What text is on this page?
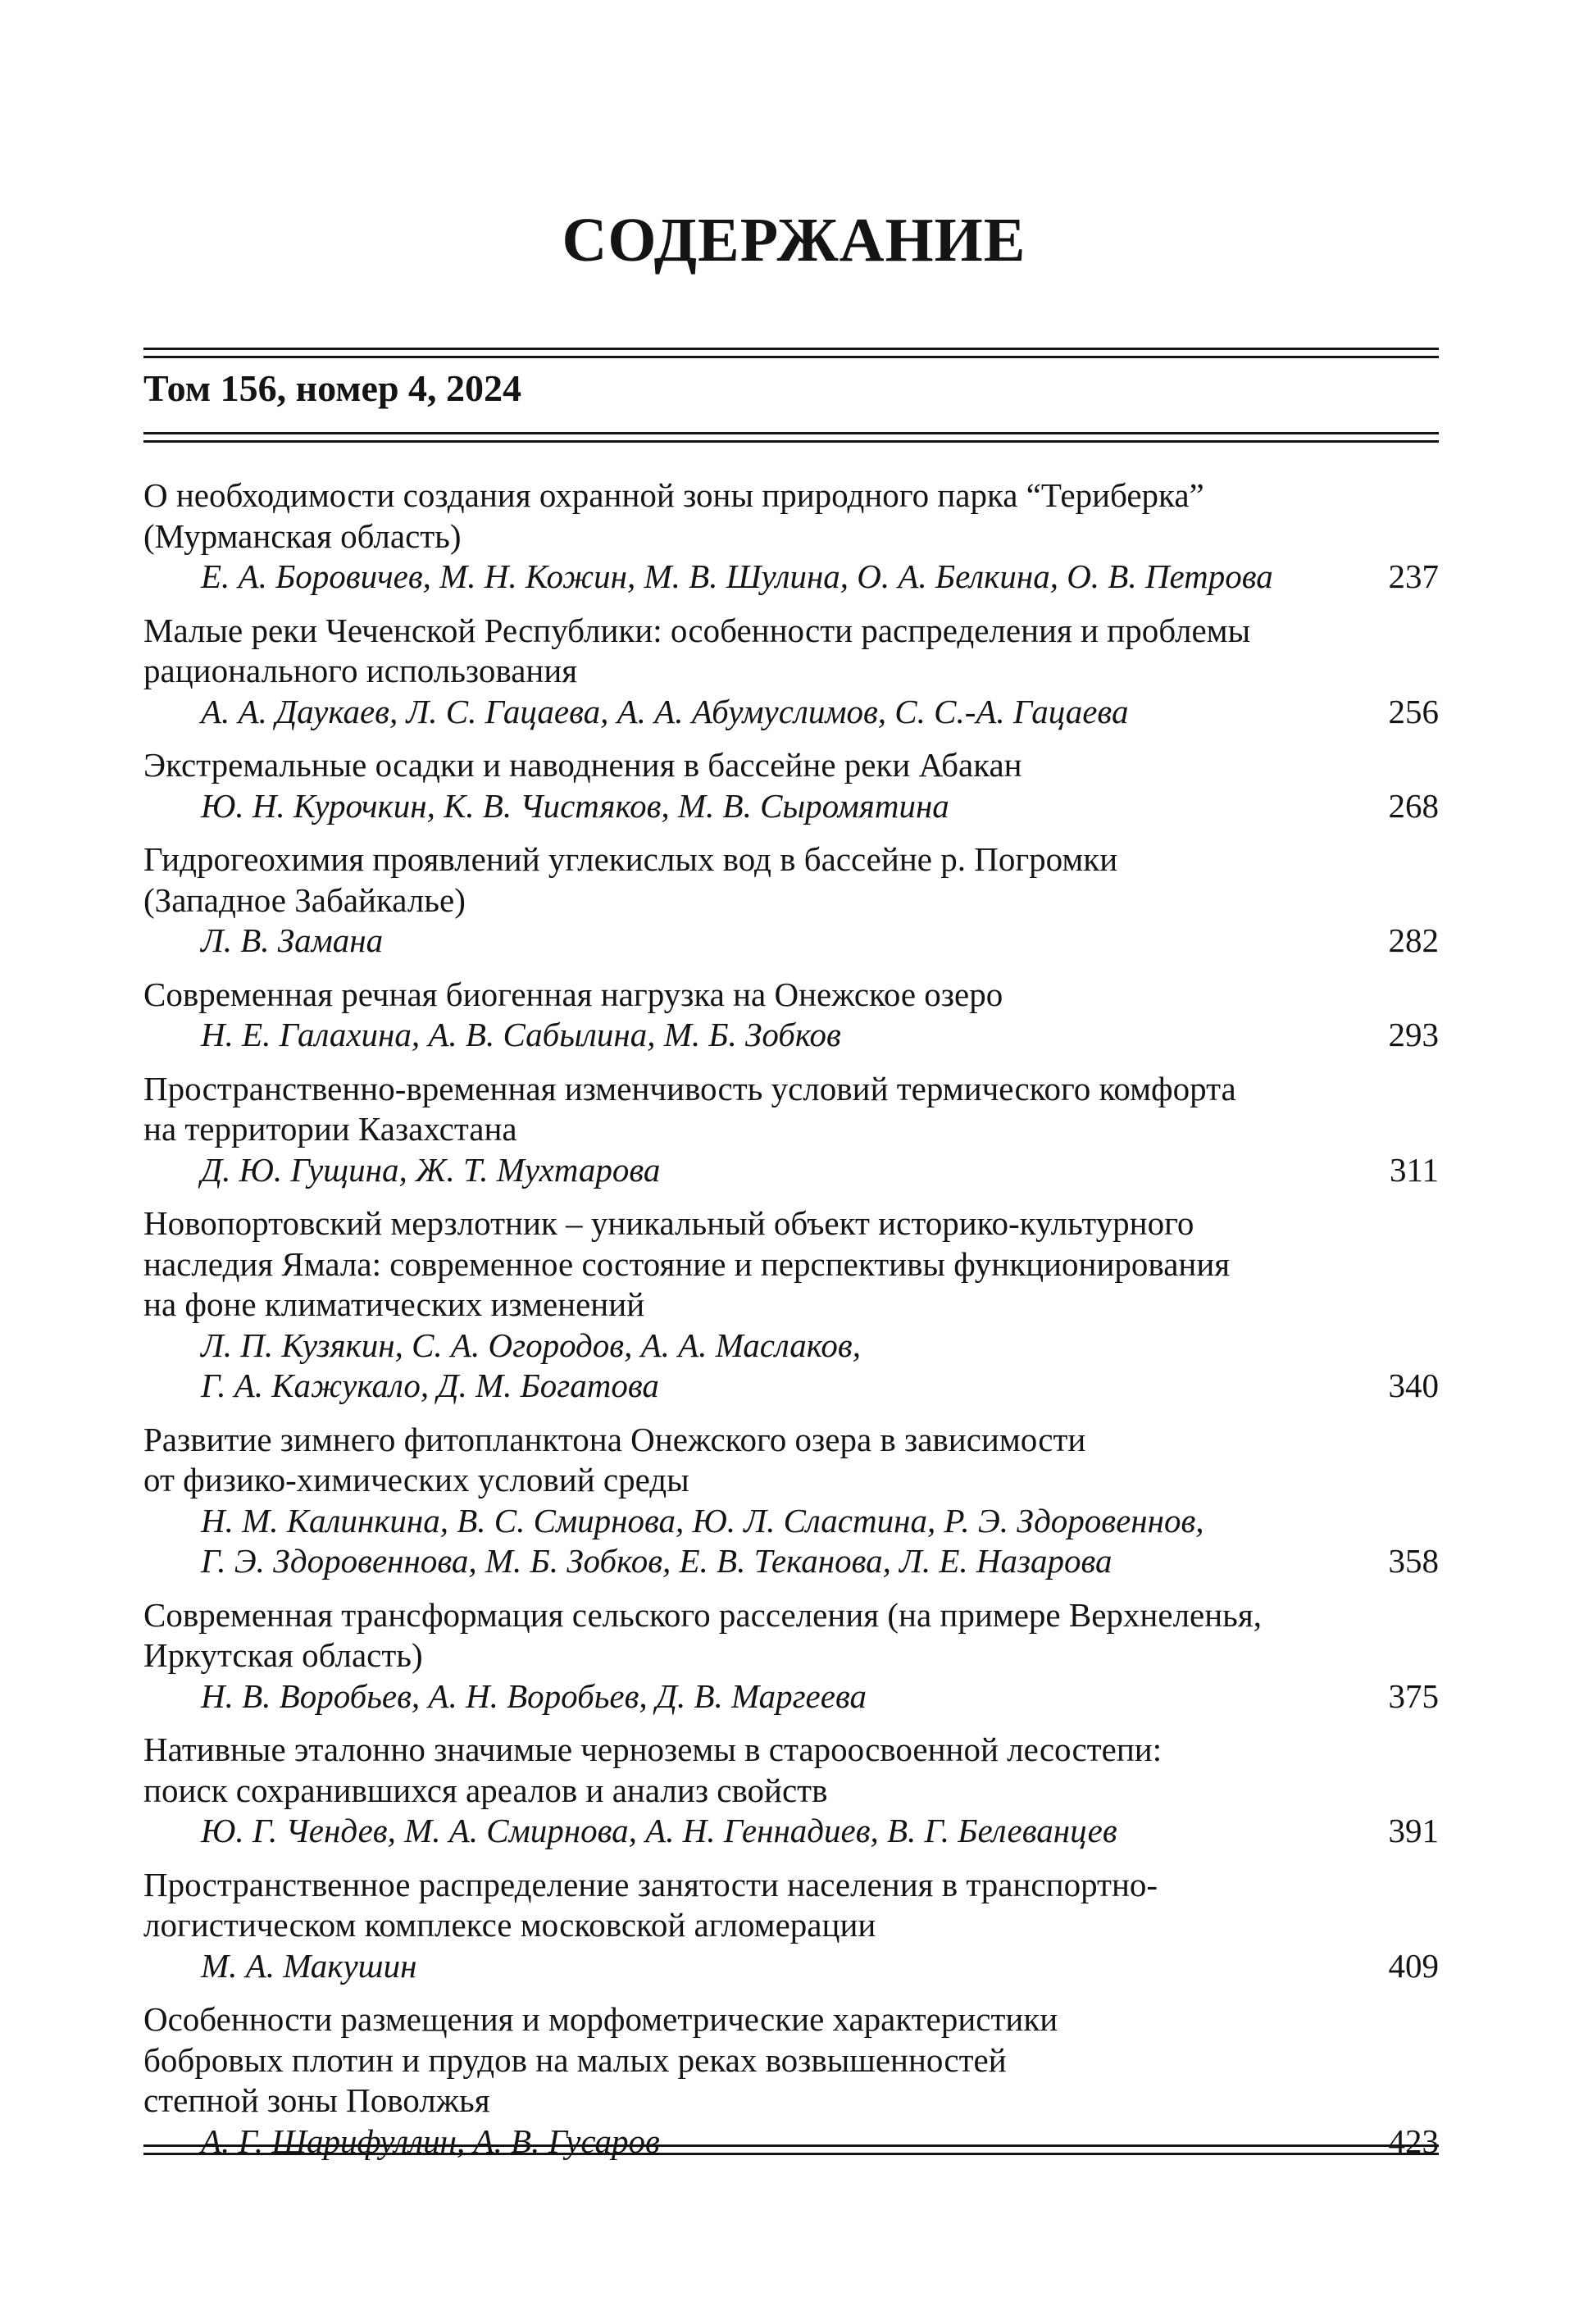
СОДЕРЖАНИЕ
Том 156, номер 4, 2024
О необходимости создания охранной зоны природного парка “Териберка”
(Мурманская область)
Е. А. Боровичев, М. Н. Кожин, М. В. Шулина, О. А. Белкина, О. В. Петрова	237
Малые реки Чеченской Республики: особенности распределения и проблемы
рационального использования
А. А. Даукаев, Л. С. Гацаева, А. А. Абумуслимов, С. С.-А. Гацаева	256
Экстремальные осадки и наводнения в бассейне реки Абакан
Ю. Н. Курочкин, К. В. Чистяков, М. В. Сыромятина	268
Гидрогеохимия проявлений углекислых вод в бассейне р. Погромки
(Западное Забайкалье)
Л. В. Замана	282
Современная речная биогенная нагрузка на Онежское озеро
Н. Е. Галахина, А. В. Сабылина, М. Б. Зобков	293
Пространственно-временная изменчивость условий термического комфорта
на территории Казахстана
Д. Ю. Гущина, Ж. Т. Мухтарова	311
Новопортовский мерзлотник – уникальный объект историко-культурного
наследия Ямала: современное состояние и перспективы функционирования
на фоне климатических изменений
Л. П. Кузякин, С. А. Огородов, А. А. Маслаков,
Г. А. Кажукало, Д. М. Богатова	340
Развитие зимнего фитопланктона Онежского озера в зависимости
от физико-химических условий среды
Н. М. Калинкина, В. С. Смирнова, Ю. Л. Сластина, Р. Э. Здоровеннов,
Г. Э. Здоровеннова, М. Б. Зобков, Е. В. Теканова, Л. Е. Назарова	358
Современная трансформация сельского расселения (на примере Верхнеленья,
Иркутская область)
Н. В. Воробьев, А. Н. Воробьев, Д. В. Маргеева	375
Нативные эталонно значимые черноземы в староосвоенной лесостепи:
поиск сохранившихся ареалов и анализ свойств
Ю. Г. Чендев, М. А. Смирнова, А. Н. Геннадиев, В. Г. Белеванцев	391
Пространственное распределение занятости населения в транспортно-
логистическом комплексе московской агломерации
М. А. Макушин	409
Особенности размещения и морфометрические характеристики
бобровых плотин и прудов на малых реках возвышенностей
степной зоны Поволжья
А. Г. Шарифуллин, А. В. Гусаров	423
